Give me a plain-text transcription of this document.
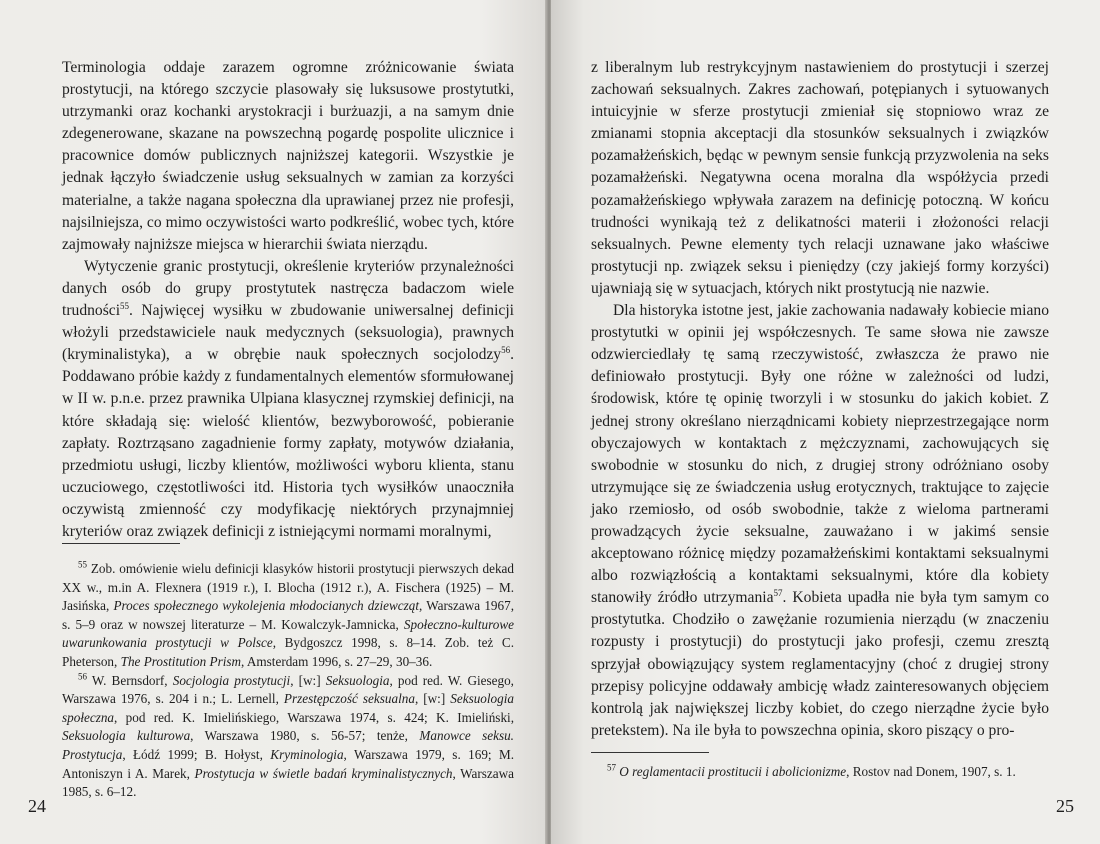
Terminologia oddaje zarazem ogromne zróżnicowanie świata prostytucji, na którego szczycie plasowały się luksusowe prostytutki, utrzymanki oraz kochanki arystokracji i burżuazji, a na samym dnie zdegenerowane, skazane na powszechną pogardę pospolite ulicznice i pracownice domów publicznych najniższej kategorii. Wszystkie je jednak łączyło świadczenie usług seksualnych w zamian za korzyści materialne, a także nagana społeczna dla uprawianej przez nie profesji, najsilniejsza, co mimo oczywistości warto podkreślić, wobec tych, które zajmowały najniższe miejsca w hierarchii świata nierządu.

Wytyczenie granic prostytucji, określenie kryteriów przynależności danych osób do grupy prostytutek nastręcza badaczom wiele trudności$^{55}$. Najwięcej wysiłku w zbudowanie uniwersalnej definicji włożyli przedstawiciele nauk medycznych (seksuologia), prawnych (kryminalistyka), a w obrębie nauk społecznych socjolodzy$^{56}$. Poddawano próbie każdy z fundamentalnych elementów sformułowanej w II w. p.n.e. przez prawnika Ulpiana klasycznej rzymskiej definicji, na które składają się: wielość klientów, bezwyborowość, pobieranie zapłaty. Roztrząsano zagadnienie formy zapłaty, motywów działania, przedmiotu usługi, liczby klientów, możliwości wyboru klienta, stanu uczuciowego, częstotliwości itd. Historia tych wysiłków unaoczniła oczywistą zmienność czy modyfikację niektórych przynajmniej kryteriów oraz związek definicji z istniejącymi normami moralnymi,

$^{55}$ Zob. omówienie wielu definicji klasyków historii prostytucji pierwszych dekad XX w., m.in A. Flexnera (1919 r.), I. Blocha (1912 r.), A. Fischera (1925) – M. Jasińska, Proces społecznego wykolejenia młodocianych dziewcząt, Warszawa 1967, s. 5–9 oraz w nowszej literaturze – M. Kowalczyk-Jamnicka, Społeczno-kulturowe uwarunkowania prostytucji w Polsce, Bydgoszcz 1998, s. 8–14. Zob. też C. Pheterson, The Prostitution Prism, Amsterdam 1996, s. 27–29, 30–36.

$^{56}$ W. Bernsdorf, Socjologia prostytucji, [w:] Seksuologia, pod red. W. Giesego, Warszawa 1976, s. 204 i n.; L. Lernell, Przestępczość seksualna, [w:] Seksuologia społeczna, pod red. K. Imielińskiego, Warszawa 1974, s. 424; K. Imieliński, Seksuologia kulturowa, Warszawa 1980, s. 56-57; tenże, Manowce seksu. Prostytucja, Łódź 1999; B. Hołyst, Kryminologia, Warszawa 1979, s. 169; M. Antoniszyn i A. Marek, Prostytucja w świetle badań kryminalistycznych, Warszawa 1985, s. 6–12.

24

z liberalnym lub restrykcyjnym nastawieniem do prostytucji i szerzej zachowań seksualnych. Zakres zachowań, potępianych i sytuowanych intuicyjnie w sferze prostytucji zmieniał się stopniowo wraz ze zmianami stopnia akceptacji dla stosunków seksualnych i związków pozamałżeńskich, będąc w pewnym sensie funkcją przyzwolenia na seks pozamałżeński. Negatywna ocena moralna dla współżycia przedi pozamałżeńskiego wpływała zarazem na definicję potoczną. W końcu trudności wynikają też z delikatności materii i złożoności relacji seksualnych. Pewne elementy tych relacji uznawane jako właściwe prostytucji np. związek seksu i pieniędzy (czy jakiejś formy korzyści) ujawniają się w sytuacjach, których nikt prostytucją nie nazwie.

Dla historyka istotne jest, jakie zachowania nadawały kobiecie miano prostytutki w opinii jej współczesnych. Te same słowa nie zawsze odzwierciedlały tę samą rzeczywistość, zwłaszcza że prawo nie definiowało prostytucji. Były one różne w zależności od ludzi, środowisk, które tę opinię tworzyli i w stosunku do jakich kobiet. Z jednej strony określano nierządnicami kobiety nieprzestrzegające norm obyczajowych w kontaktach z mężczyznami, zachowujących się swobodnie w stosunku do nich, z drugiej strony odróżniano osoby utrzymujące się ze świadczenia usług erotycznych, traktujące to zajęcie jako rzemiosło, od osób swobodnie, także z wieloma partnerami prowadzących życie seksualne, zauważano i w jakimś sensie akceptowano różnicę między pozamałżeńskimi kontaktami seksualnymi albo rozwiązłością a kontaktami seksualnymi, które dla kobiety stanowiły źródło utrzymania$^{57}$. Kobieta upadła nie była tym samym co prostytutka. Chodziło o zawężanie rozumienia nierządu (w znaczeniu rozpusty i prostytucji) do prostytucji jako profesji, czemu zresztą sprzyjał obowiązujący system reglamentacyjny (choć z drugiej strony przepisy policyjne oddawały ambicję władz zainteresowanych objęciem kontrolą jak największej liczby kobiet, do czego nierządne życie było pretekstem). Na ile była to powszechna opinia, skoro piszący o pro-

$^{57}$ O reglamentacii prostitucii i abolicionizme, Rostov nad Donem, 1907, s. 1.

25
